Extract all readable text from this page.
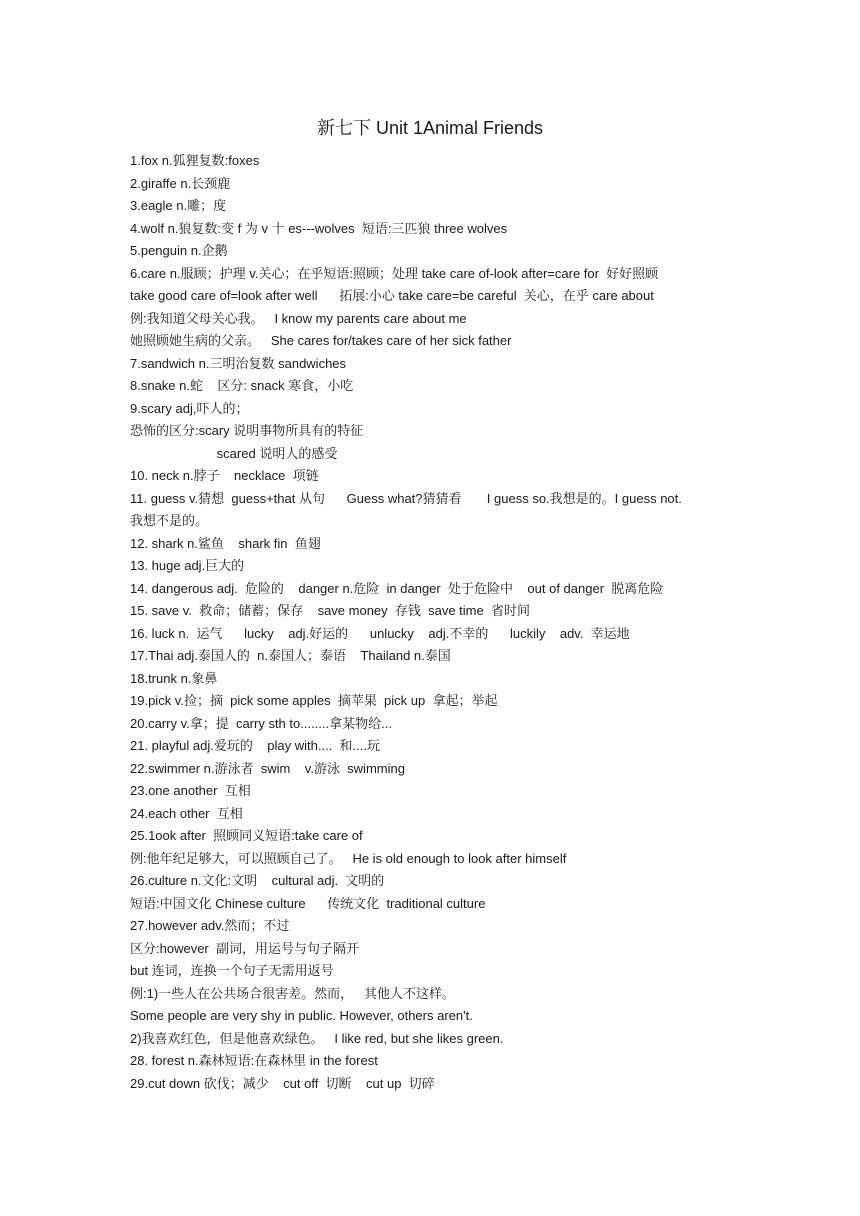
新七下 Unit 1Animal Friends
1.fox n.狐狸复数:foxes
2.giraffe n.长颈鹿
3.eagle n.雕；度
4.wolf n.狼复数:变 f 为 v 十 es---wolves  短语:三匹狼 three wolves
5.penguin n.企鹅
6.care n.服顾；护理 v.关心；在乎短语:照顾；处理 take care of-look after=care for  好好照顾
take good care of=look after well      拓展:小心 take care=be careful  关心，在乎 care about
例:我知道父母关心我。   I know my parents care about me
她照顾她生病的父亲。   She cares for/takes care of her sick father
7.sandwich n.三明治复数 sandwiches
8.snake n.蛇    区分: snack 寒食，小吃
9.scary adj,吓人的；
恐怖的区分:scary 说明事物所具有的特征
scared 说明人的感受
10. neck n.脖子    necklace  项链
11. guess v.猜想  guess+that 从句      Guess what?猜猜看       I guess so.我想是的。I guess not.
我想不是的。
12. shark n.鲨鱼    shark fin  鱼翅
13. huge adj.巨大的
14. dangerous adj.  危险的    danger n.危险  in danger  处于危险中    out of danger  脱离危险
15. save v.  救命；储蓄；保存    save money  存钱  save time  省时间
16. luck n.  运气      lucky    adj.好运的      unlucky    adj.不幸的      luckily    adv.  幸运地
17.Thai adj.泰国人的  n.泰国人；泰语    Thailand n.泰国
18.trunk n.象鼻
19.pick v.捡；摘  pick some apples  摘苹果  pick up  拿起；举起
20.carry v.拿；提  carry sth to........拿某物给...
21. playful adj.爱玩的    play with....  和....玩
22.swimmer n.游泳者  swim    v.游泳  swimming
23.one another  互相
24.each other  互相
25.1ook after  照顾同义短语:take care of
例:他年纪足够大，可以照顾自己了。   He is old enough to look after himself
26.culture n.文化:文明    cultural adj.  文明的
短语:中国文化 Chinese culture      传统文化  traditional culture
27.however adv.然而；不过
区分:however  副词，用运号与句子隔开
but 连词，连换一个句子无需用返号
例:1)一些人在公共场合很害差。然而，   其他人不这样。
Some people are very shy in public. However, others aren't.
2)我喜欢红色，但是他喜欢绿色。   I like red, but she likes green.
28. forest n.森林短语:在森林里 in the forest
29.cut down 砍伐；减少    cut off  切断    cut up  切碎
